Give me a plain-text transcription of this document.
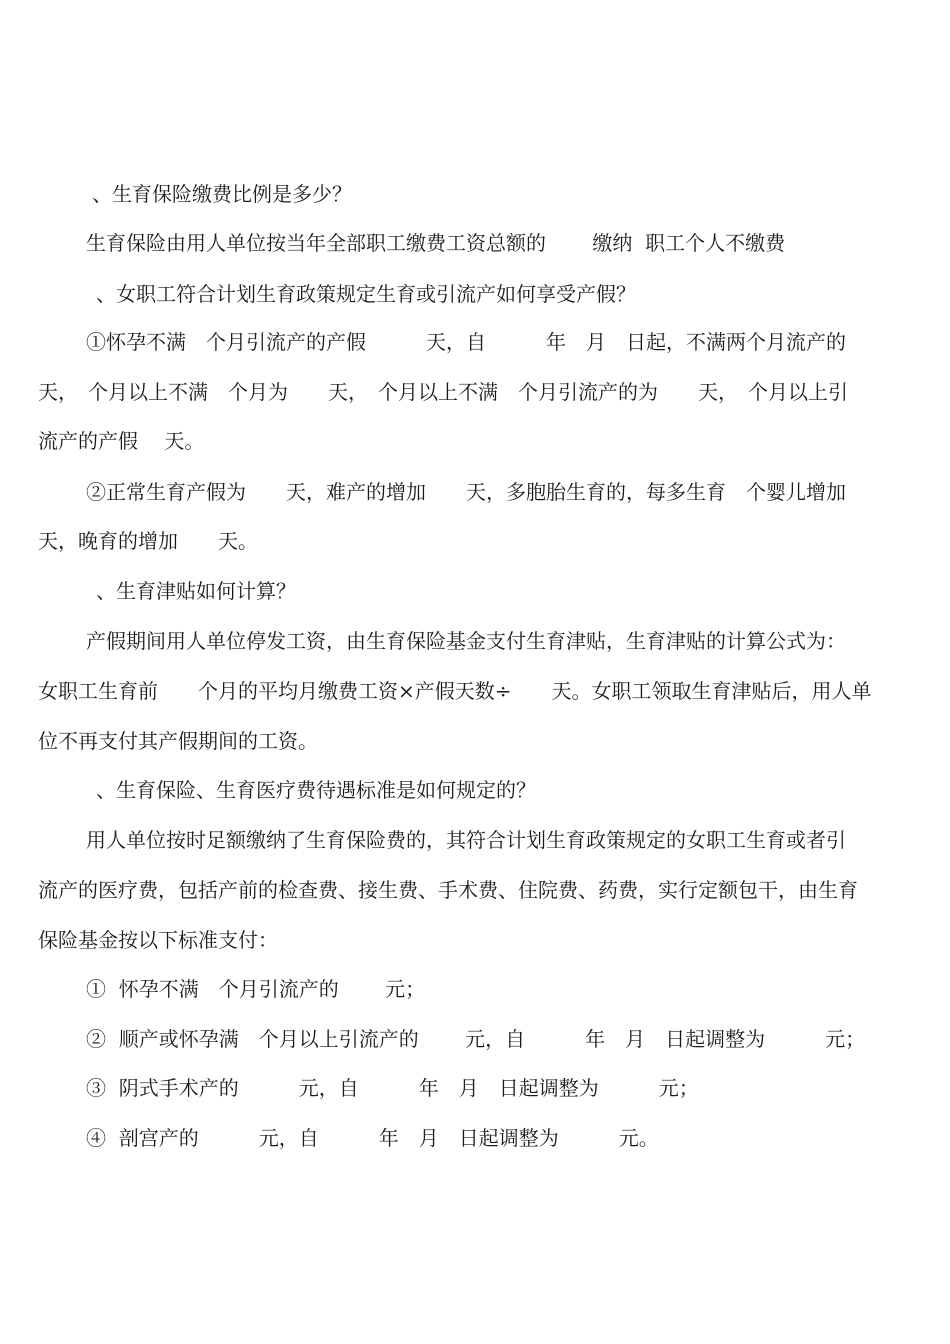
、生育保险缴费比例是多少？

生育保险由用人单位按当年全部职工缴费工资总额的　　 缴纳  职工个人不缴费

、女职工符合计划生育政策规定生育或引流产如何享受产假？

①怀孕不满　个月引流产的产假　　　天，自　　　年　月　日起，不满两个月流产的

天，　个月以上不满　个月为　　天，　个月以上不满　个月引流产的为　　天，　个月以上引

流产的产假　 天。

②正常生育产假为　　天，难产的增加　　天，多胞胎生育的，每多生育　个婴儿增加

天，晚育的增加　　天。

、生育津贴如何计算？

产假期间用人单位停发工资，由生育保险基金支付生育津贴，生育津贴的计算公式为：

女职工生育前　　个月的平均月缴费工资×产假天数÷　　天。女职工领取生育津贴后，用人单

位不再支付其产假期间的工资。

、生育保险、生育医疗费待遇标准是如何规定的？

用人单位按时足额缴纳了生育保险费的，其符合计划生育政策规定的女职工生育或者引

流产的医疗费，包括产前的检查费、接生费、手术费、住院费、药费，实行定额包干，由生育

保险基金按以下标准支付：

①  怀孕不满　个月引流产的　　 元；

②  顺产或怀孕满　个月以上引流产的　　 元，自　　　年　月　日起调整为　　　元；

③  阴式手术产的　　　元，自　　　年　月　日起调整为　　　元；

④  剖宫产的　　　元，自　　　年　月　日起调整为　　　元。
